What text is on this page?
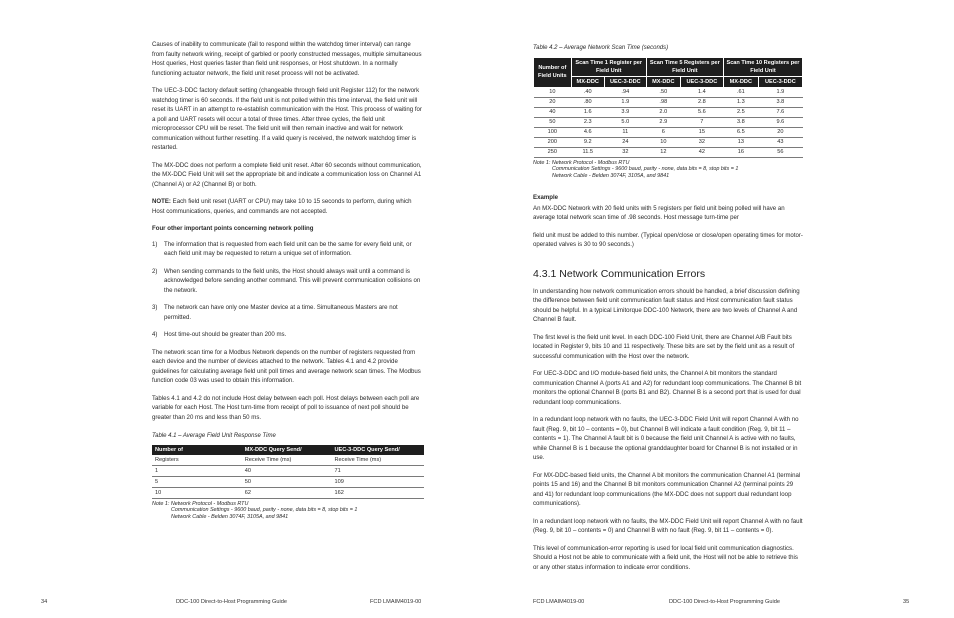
Causes of inability to communicate (fail to respond within the watchdog timer interval) can range from faulty network wiring, receipt of garbled or poorly constructed messages, multiple simultaneous Host queries, Host queries faster than field unit responses, or Host shutdown. In a normally functioning actuator network, the field unit reset process will not be activated.

The UEC-3-DDC factory default setting (changeable through field unit Register 112) for the network watchdog timer is 60 seconds. If the field unit is not polled within this time interval, the field unit will reset its UART in an attempt to re-establish communication with the Host. This process of waiting for a poll and UART resets will occur a total of three times. After three cycles, the field unit microprocessor CPU will be reset. The field unit will then remain inactive and wait for network communication without further resetting. If a valid query is received, the network watchdog timer is restarted.

The MX-DDC does not perform a complete field unit reset. After 60 seconds without communication, the MX-DDC Field Unit will set the appropriate bit and indicate a communication loss on Channel A1 (Channel A) or A2 (Channel B) or both.

NOTE: Each field unit reset (UART or CPU) may take 10 to 15 seconds to perform, during which Host communications, queries, and commands are not accepted.

Four other important points concerning network polling

1) The information that is requested from each field unit can be the same for every field unit, or each field unit may be requested to return a unique set of information.
2) When sending commands to the field units, the Host should always wait until a command is acknowledged before sending another command. This will prevent communication collisions on the network.
3) The network can have only one Master device at a time. Simultaneous Masters are not permitted.
4) Host time-out should be greater than 200 ms.

The network scan time for a Modbus Network depends on the number of registers requested from each device and the number of devices attached to the network. Tables 4.1 and 4.2 provide guidelines for calculating average field unit poll times and average network scan times. The Modbus function code 03 was used to obtain this information.

Tables 4.1 and 4.2 do not include Host delay between each poll. Host delays between each poll are variable for each Host. The Host turn-time from receipt of poll to issuance of next poll should be greater than 20 ms and less than 50 ms.

Table 4.1 – Average Field Unit Response Time
Number of	MX-DDC Query Send/	UEC-3-DDC Query Send/
Registers	Receive Time (ms)	Receive Time (ms)
1	40	71
5	50	109
10	62	162
Note 1: Network Protocol - Modbus RTU
Communication Settings - 9600 baud, parity - none, data bits = 8, stop bits = 1
Network Cable - Belden 3074F, 3105A, and 9841
34	DDC-100 Direct-to-Host Programming Guide	FCD LMAIM4019-00
Table 4.2 – Average Network Scan Time (seconds)
Number of Field Units	Scan Time 1 Register per Field Unit		Scan Time 5 Registers per Field Unit		Scan Time 10 Registers per Field Unit	
	MX-DDC	UEC-3-DDC	MX-DDC	UEC-3-DDC	MX-DDC	UEC-3-DDC
10	.40	.94	.50	1.4	.61	1.9
20	.80	1.9	.98	2.8	1.3	3.8
40	1.6	3.9	2.0	5.6	2.5	7.6
50	2.3	5.0	2.9	7	3.8	9.6
100	4.6	11	6	15	6.5	20
200	9.2	24	10	32	13	43
250	11.5	32	12	42	16	56
Note 1: Network Protocol - Modbus RTU
Communication Settings - 9600 baud, parity - none, data bits = 8, stop bits = 1
Network Cable - Belden 3074F, 3105A, and 9841

Example

An MX-DDC Network with 20 field units with 5 registers per field unit being polled will have an average total network scan time of .98 seconds. Host message turn-time per

field unit must be added to this number. (Typical open/close or close/open operating times for motor-operated valves is 30 to 90 seconds.)

4.3.1 Network Communication Errors

In understanding how network communication errors should be handled, a brief discussion defining the difference between field unit communication fault status and Host communication fault status should be helpful. In a typical Limitorque DDC-100 Network, there are two levels of Channel A and Channel B fault.

The first level is the field unit level. In each DDC-100 Field Unit, there are Channel A/B Fault bits located in Register 9, bits 10 and 11 respectively. These bits are set by the field unit as a result of successful communication with the Host over the network.

For UEC-3-DDC and I/O module-based field units, the Channel A bit monitors the standard communication Channel A (ports A1 and A2) for redundant loop communications. The Channel B bit monitors the optional Channel B (ports B1 and B2). Channel B is a second port that is used for dual redundant loop communications.

In a redundant loop network with no faults, the UEC-3-DDC Field Unit will report Channel A with no fault (Reg. 9, bit 10 – contents = 0), but Channel B will indicate a fault condition (Reg. 9, bit 11 – contents = 1). The Channel A fault bit is 0 because the field unit Channel A is active with no faults, while Channel B is 1 because the optional granddaughter board for Channel B is not installed or in use.

For MX-DDC-based field units, the Channel A bit monitors the communication Channel A1 (terminal points 15 and 16) and the Channel B bit monitors communication Channel A2 (terminal points 29 and 41) for redundant loop communications (the MX-DDC does not support dual redundant loop communications).

In a redundant loop network with no faults, the MX-DDC Field Unit will report Channel A with no fault (Reg. 9, bit 10 – contents = 0) and Channel B with no fault (Reg. 9, bit 11 – contents = 0).

This level of communication-error reporting is used for local field unit communication diagnostics. Should a Host not be able to communicate with a field unit, the Host will not be able to retrieve this or any other status information to indicate error conditions.

FCD LMAIM4019-00	DDC-100 Direct-to-Host Programming Guide	35
